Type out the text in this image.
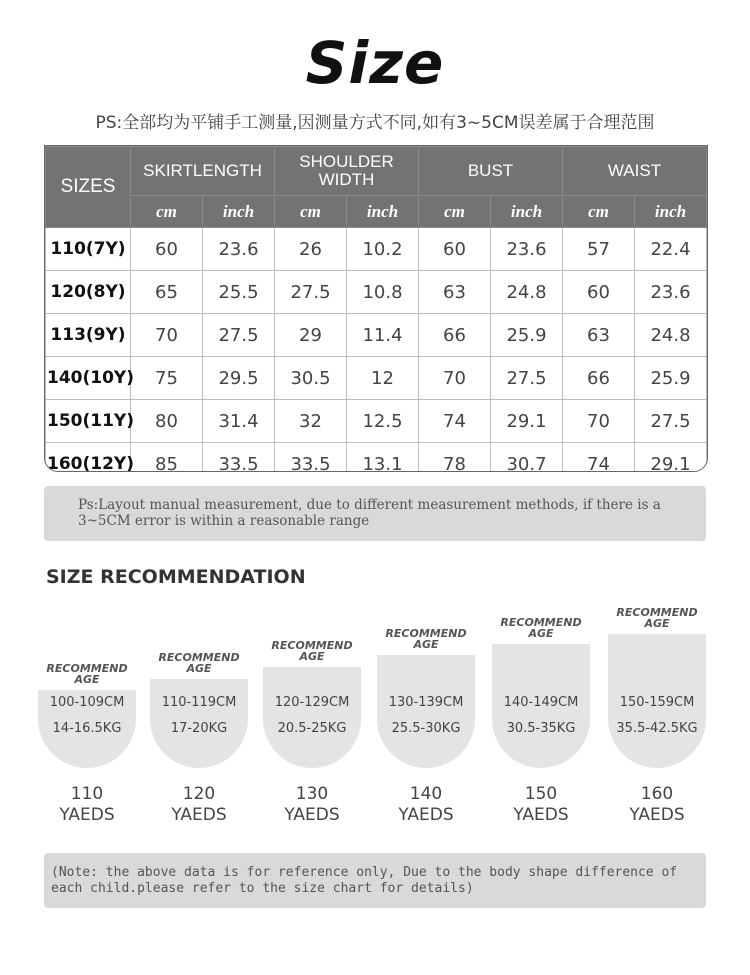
Size
PS:全部均为平铺手工测量,因测量方式不同,如有3~5CM误差属于合理范围
SIZES	SKIRTLENGTH		SHOULDER WIDTH		BUST		WAIST	
	cm	inch	cm	inch	cm	inch	cm	inch
110(7Y)	60	23.6	26	10.2	60	23.6	57	22.4
120(8Y)	65	25.5	27.5	10.8	63	24.8	60	23.6
113(9Y)	70	27.5	29	11.4	66	25.9	63	24.8
140(10Y)	75	29.5	30.5	12	70	27.5	66	25.9
150(11Y)	80	31.4	32	12.5	74	29.1	70	27.5
160(12Y)	85	33.5	33.5	13.1	78	30.7	74	29.1

Ps:Layout manual measurement, due to different measurement methods, if there is a 3~5CM error is within a reasonable range

SIZE RECOMMENDATION
RECOMMEND
AGE
100-109CM
14-16.5KG
110
YAEDS
RECOMMEND
AGE
110-119CM
17-20KG
120
YAEDS
RECOMMEND
AGE
120-129CM
20.5-25KG
130
YAEDS
RECOMMEND
AGE
130-139CM
25.5-30KG
140
YAEDS
RECOMMEND
AGE
140-149CM
30.5-35KG
150
YAEDS
RECOMMEND
AGE
150-159CM
35.5-42.5KG
160
YAEDS

(Note: the above data is for reference only, Due to the body shape difference of each child.please refer to the size chart for details)
